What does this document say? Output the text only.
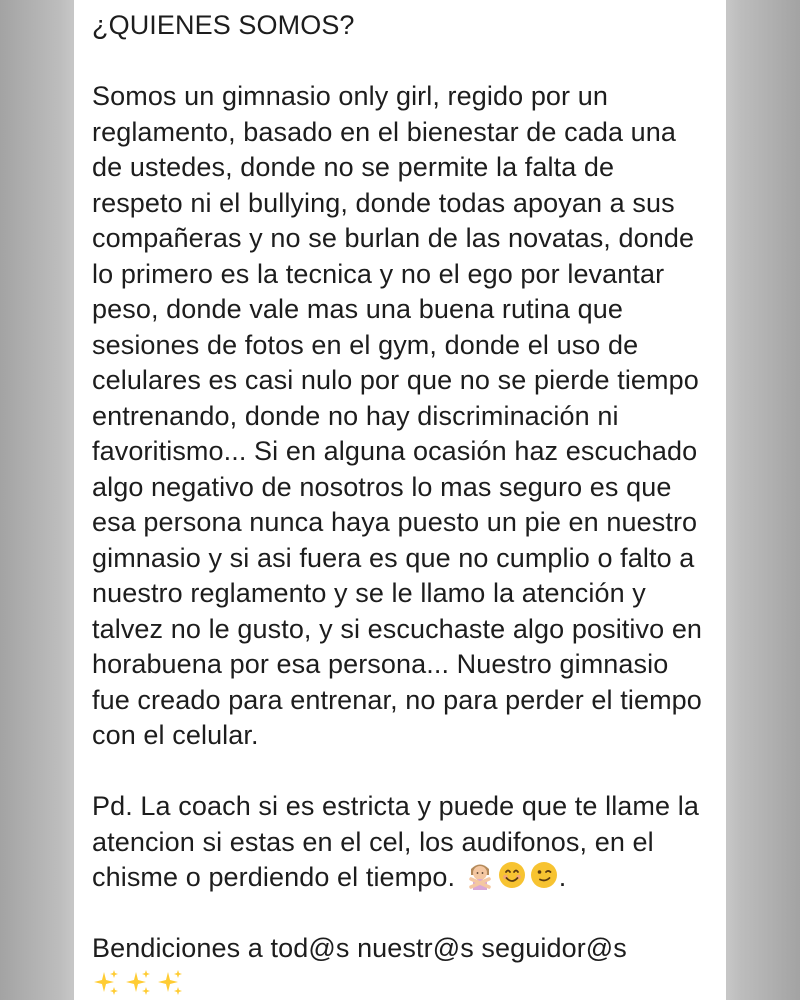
¿QUIENES SOMOS?

Somos un gimnasio only girl, regido por un reglamento, basado en el bienestar de cada una de ustedes, donde no se permite la falta de respeto ni el bullying, donde todas apoyan a sus compañeras y no se burlan de las novatas, donde lo primero es la tecnica y no el ego por levantar peso, donde vale mas una buena rutina que sesiones de fotos en el gym, donde el uso de celulares es casi nulo por que no se pierde tiempo entrenando, donde no hay discriminación ni favoritismo... Si en alguna ocasión haz escuchado algo negativo de nosotros lo mas seguro es que esa persona nunca haya puesto un pie en nuestro gimnasio y si asi fuera es que no cumplio o falto a nuestro reglamento y se le llamo la atención y talvez no le gusto, y si escuchaste algo positivo en horabuena por esa persona... Nuestro gimnasio fue creado para entrenar, no para perder el tiempo con el celular.

Pd. La coach si es estricta y puede que te llame la atencion si estas en el cel, los audifonos, en el chisme o perdiendo el tiempo.	.

Bendiciones a tod@s nuestr@s seguidor@s
